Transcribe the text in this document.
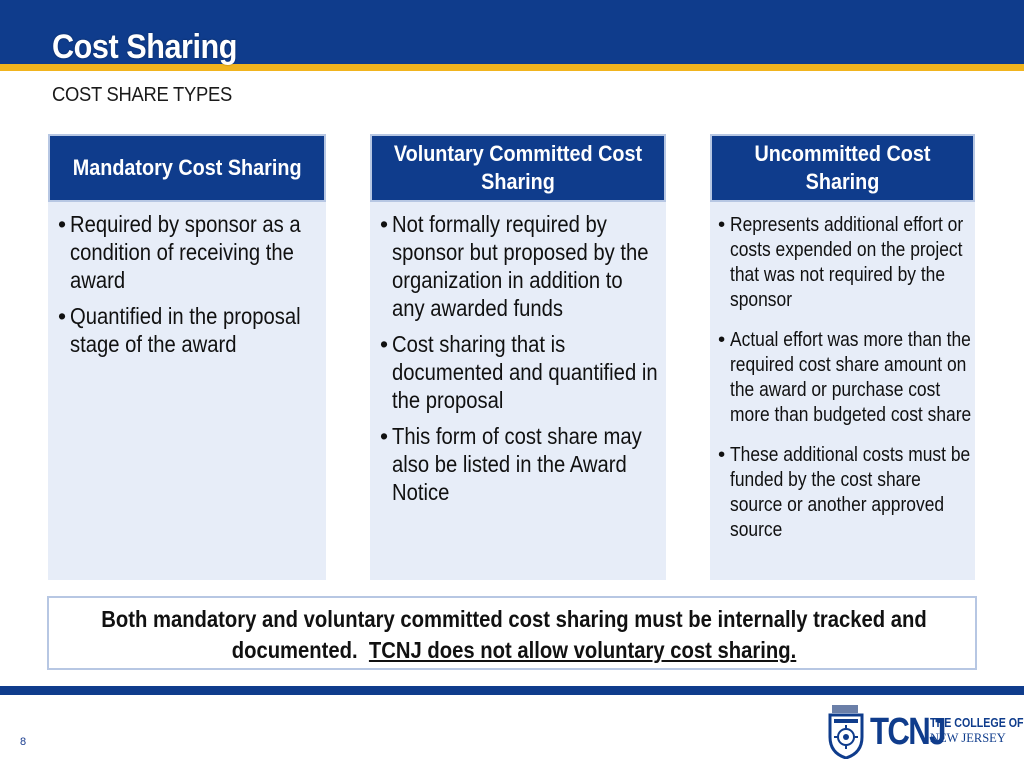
Cost Sharing
COST SHARE TYPES
Mandatory Cost Sharing
• Required by sponsor as a condition of receiving the award
• Quantified in the proposal stage of the award
Voluntary Committed Cost Sharing
• Not formally required by sponsor but proposed by the organization in addition to any awarded funds
• Cost sharing that is documented and quantified in the proposal
• This form of cost share may also be listed in the Award Notice
Uncommitted Cost Sharing
• Represents additional effort or costs expended on the project that was not required by the sponsor
• Actual effort was more than the required cost share amount on the award or purchase cost more than budgeted cost share
• These additional costs must be funded by the cost share source or another approved source
Both mandatory and voluntary committed cost sharing must be internally tracked and documented. TCNJ does not allow voluntary cost sharing.
8	TCNJ
THE COLLEGE OF
NEW JERSEY
